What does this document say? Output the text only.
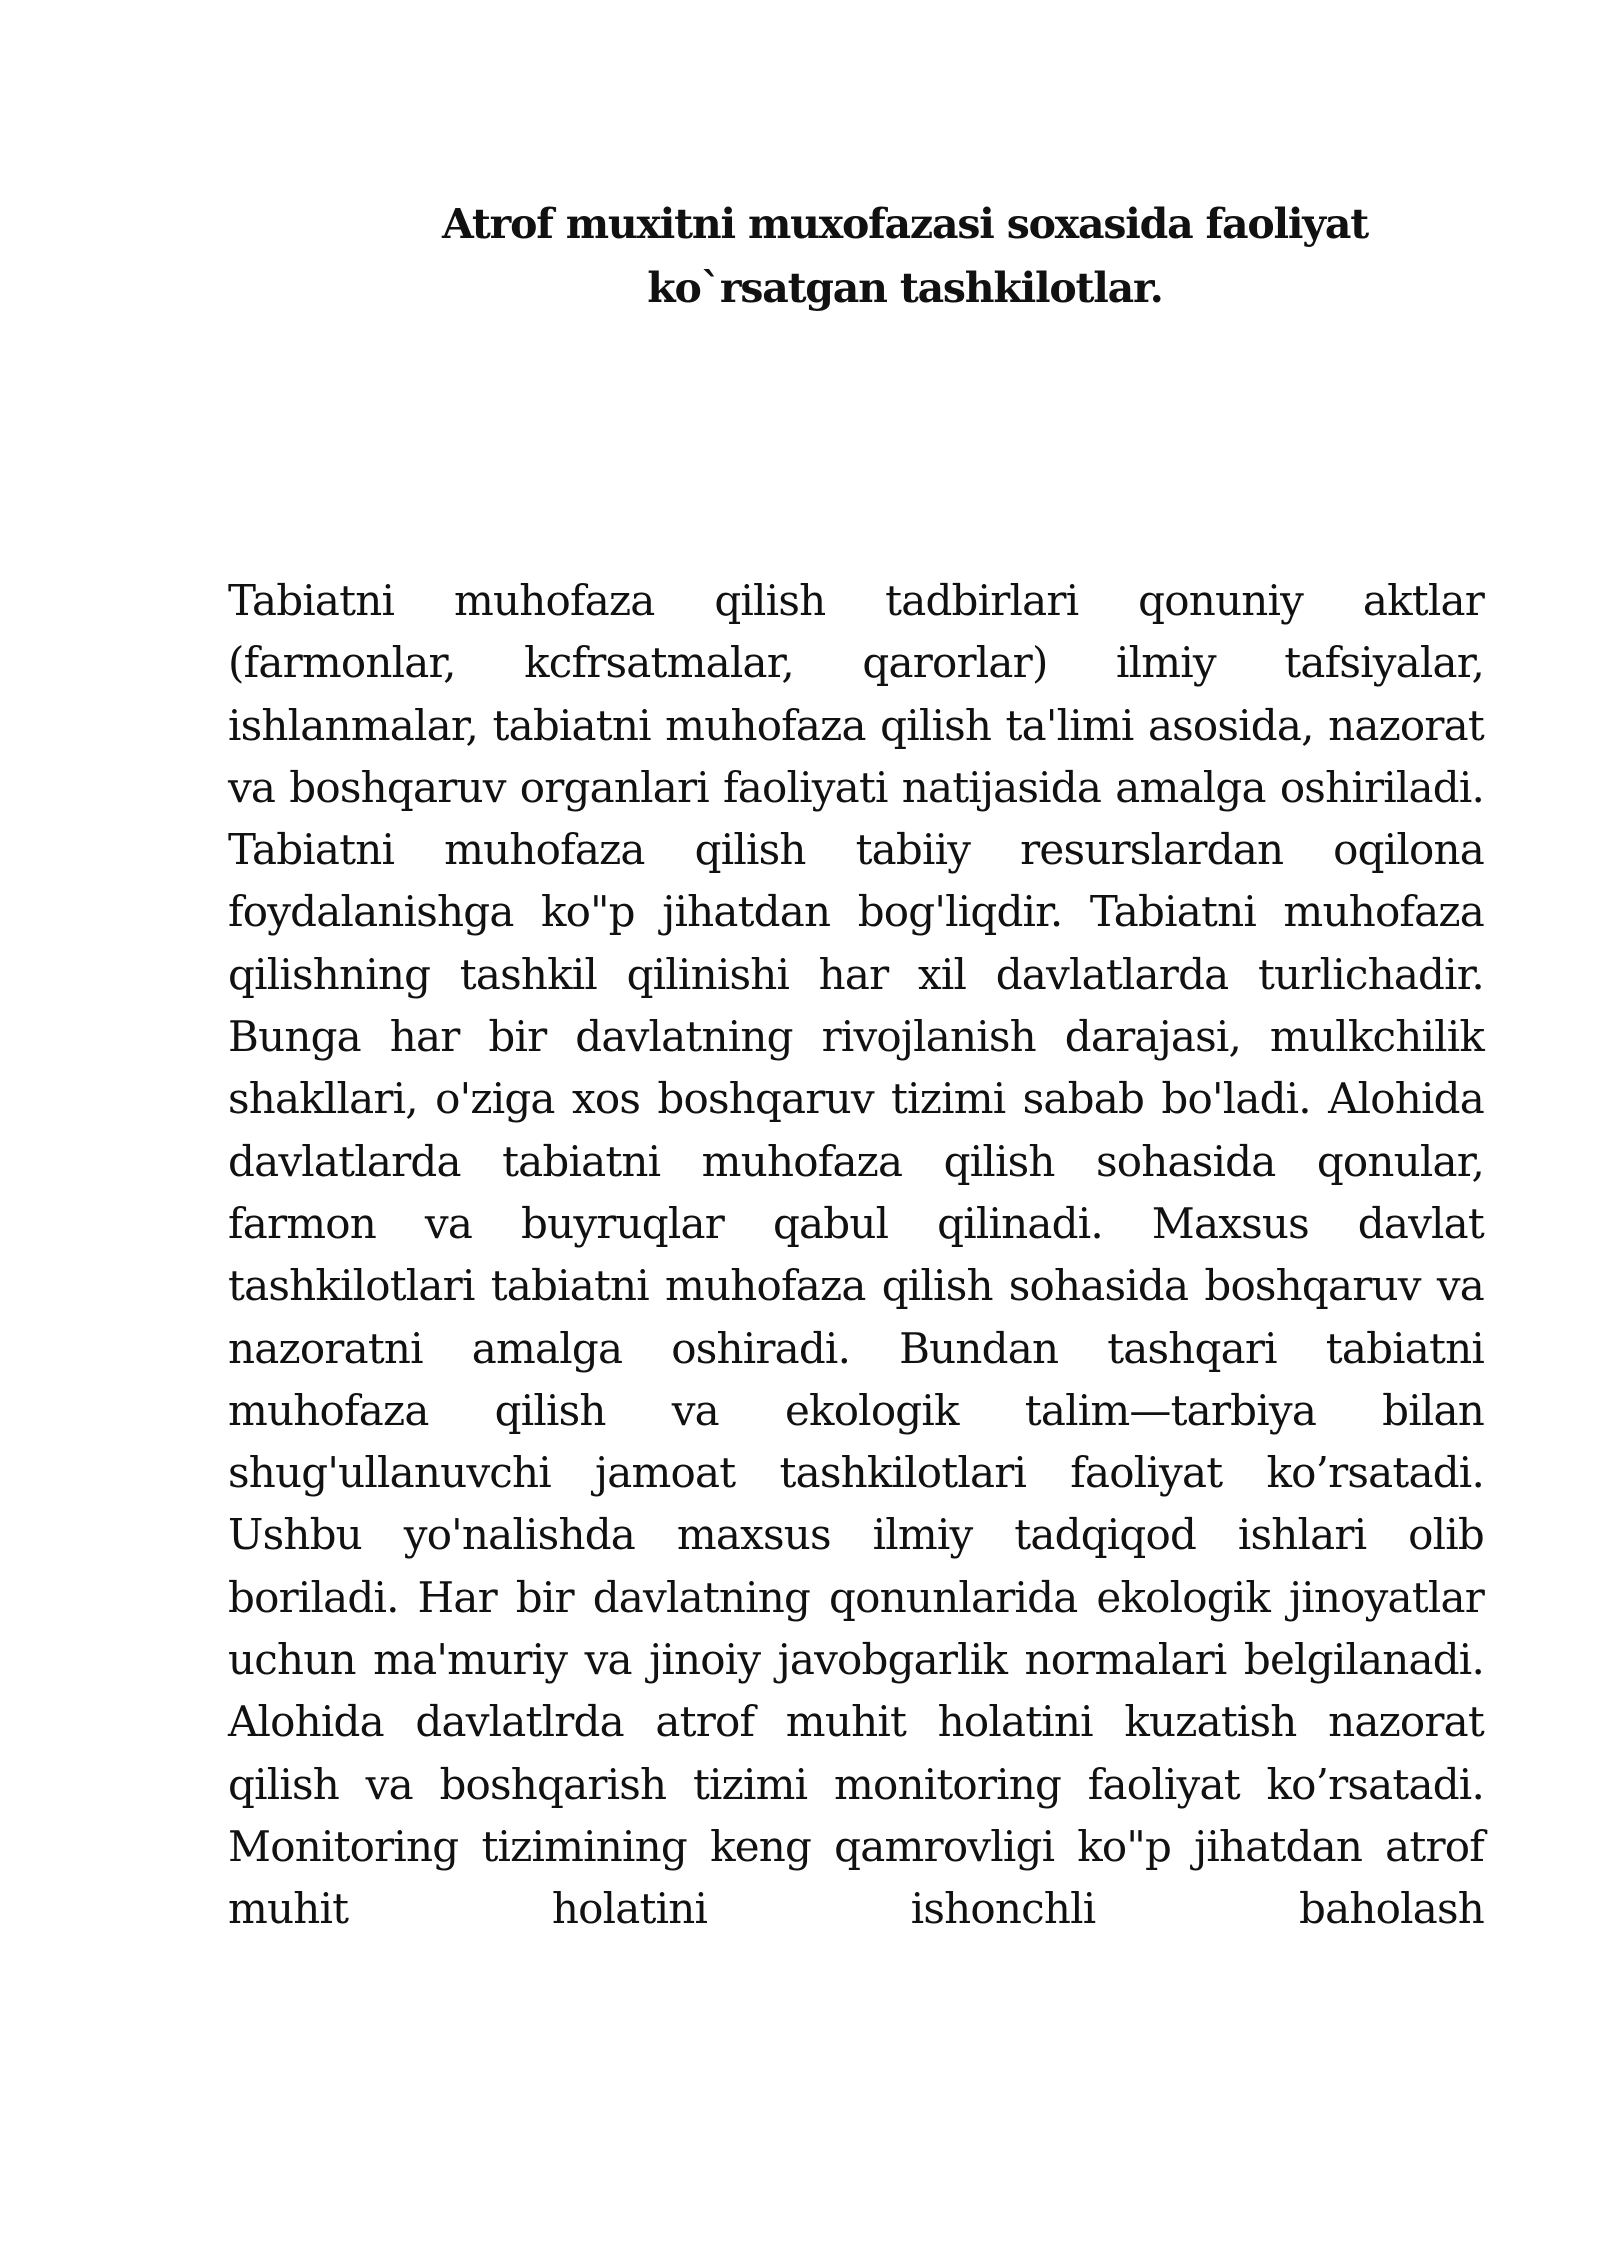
Atrof muxitni muxofazasi soxasida faoliyat
ko`rsatgan tashkilotlar.

Tabiatni muhofaza qilish tadbirlari qonuniy aktlar (farmonlar, kcfrsatmalar, qarorlar) ilmiy tafsiyalar, ishlanmalar, tabiatni muhofaza qilish ta'limi asosida, nazorat va boshqaruv organlari faoliyati natijasida amalga oshiriladi. Tabiatni muhofaza qilish tabiiy resurslardan oqilona foydalanishga ko"p jihatdan bog'liqdir. Tabiatni muhofaza qilishning tashkil qilinishi har xil davlatlarda turlichadir. Bunga har bir davlatning rivojlanish darajasi, mulkchilik shakllari, o'ziga xos boshqaruv tizimi sabab bo'ladi. Alohida davlatlarda tabiatni muhofaza qilish sohasida qonular, farmon va buyruqlar qabul qilinadi. Maxsus davlat tashkilotlari tabiatni muhofaza qilish sohasida boshqaruv va nazoratni amalga oshiradi. Bundan tashqari tabiatni muhofaza qilish va ekologik talim—tarbiya bilan shug'ullanuvchi jamoat tashkilotlari faoliyat ko’rsatadi. Ushbu yo'nalishda maxsus ilmiy tadqiqod ishlari olib boriladi. Har bir davlatning qonunlarida ekologik jinoyatlar uchun ma'muriy va jinoiy javobgarlik normalari belgilanadi. Alohida davlatlrda atrof muhit holatini kuzatish nazorat qilish va boshqarish tizimi monitoring faoliyat ko’rsatadi. Monitoring tizimining keng qamrovligi ko"p jihatdan atrof muhit holatini ishonchli baholash
